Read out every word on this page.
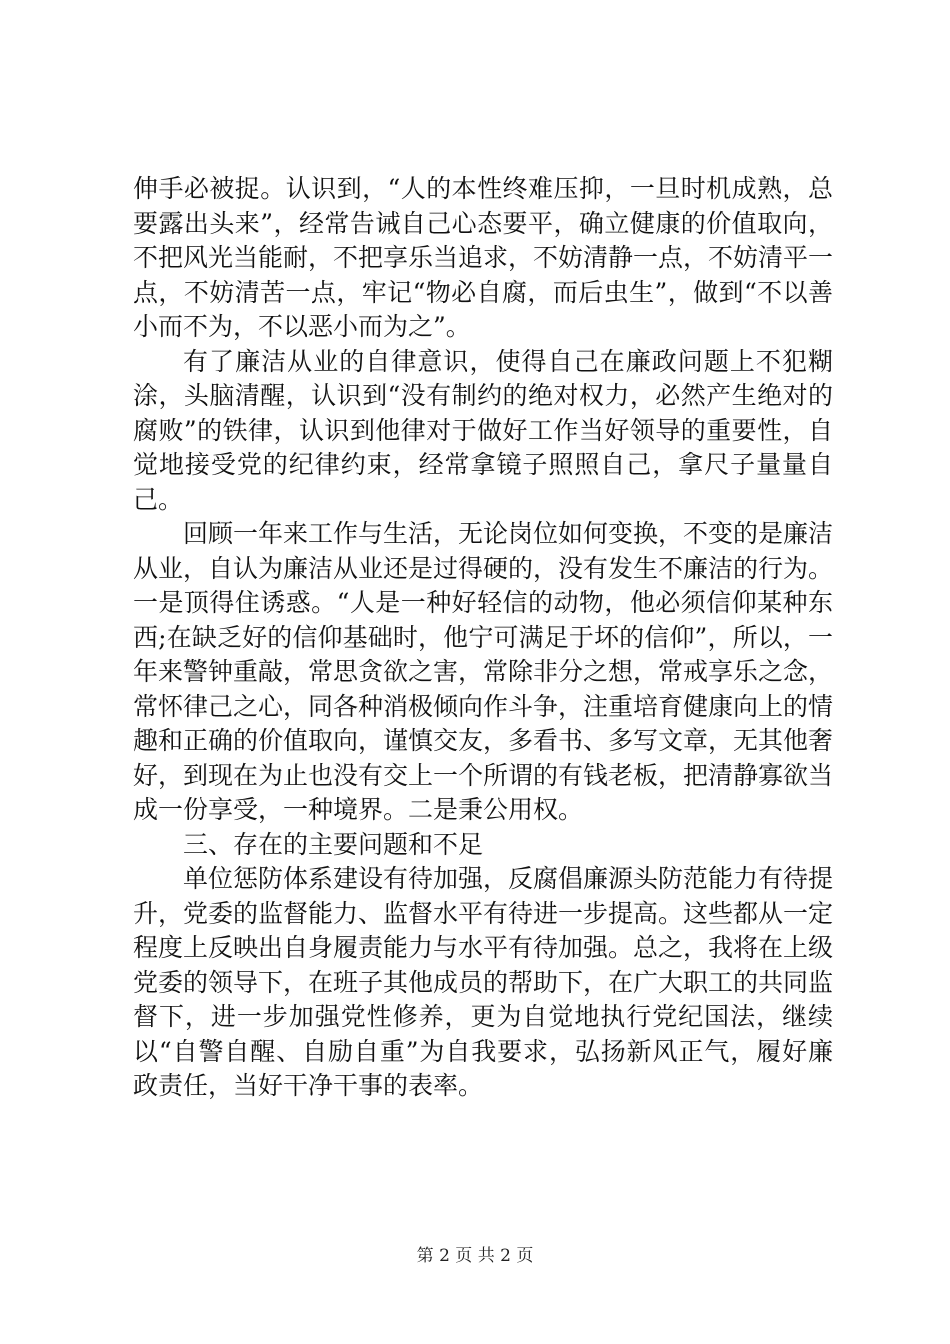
伸手必被捉。认识到，“人的本性终难压抑，一旦时机成熟，总要露出头来”，经常告诫自己心态要平，确立健康的价值取向，不把风光当能耐，不把享乐当追求，不妨清静一点，不妨清平一点，不妨清苦一点，牢记“物必自腐，而后虫生”，做到“不以善小而不为，不以恶小而为之”。

有了廉洁从业的自律意识，使得自己在廉政问题上不犯糊涂，头脑清醒，认识到“没有制约的绝对权力，必然产生绝对的腐败”的铁律，认识到他律对于做好工作当好领导的重要性，自觉地接受党的纪律约束，经常拿镜子照照自己，拿尺子量量自己。

回顾一年来工作与生活，无论岗位如何变换，不变的是廉洁从业，自认为廉洁从业还是过得硬的，没有发生不廉洁的行为。一是顶得住诱惑。“人是一种好轻信的动物，他必须信仰某种东西;在缺乏好的信仰基础时，他宁可满足于坏的信仰”，所以，一年来警钟重敲，常思贪欲之害，常除非分之想，常戒享乐之念，常怀律己之心，同各种消极倾向作斗争，注重培育健康向上的情趣和正确的价值取向，谨慎交友，多看书、多写文章，无其他奢好，到现在为止也没有交上一个所谓的有钱老板，把清静寡欲当成一份享受，一种境界。二是秉公用权。

三、存在的主要问题和不足

单位惩防体系建设有待加强，反腐倡廉源头防范能力有待提升，党委的监督能力、监督水平有待进一步提高。这些都从一定程度上反映出自身履责能力与水平有待加强。总之，我将在上级党委的领导下，在班子其他成员的帮助下，在广大职工的共同监督下，进一步加强党性修养，更为自觉地执行党纪国法，继续以“自警自醒、自励自重”为自我要求，弘扬新风正气，履好廉政责任，当好干净干事的表率。

第 2 页 共 2 页
